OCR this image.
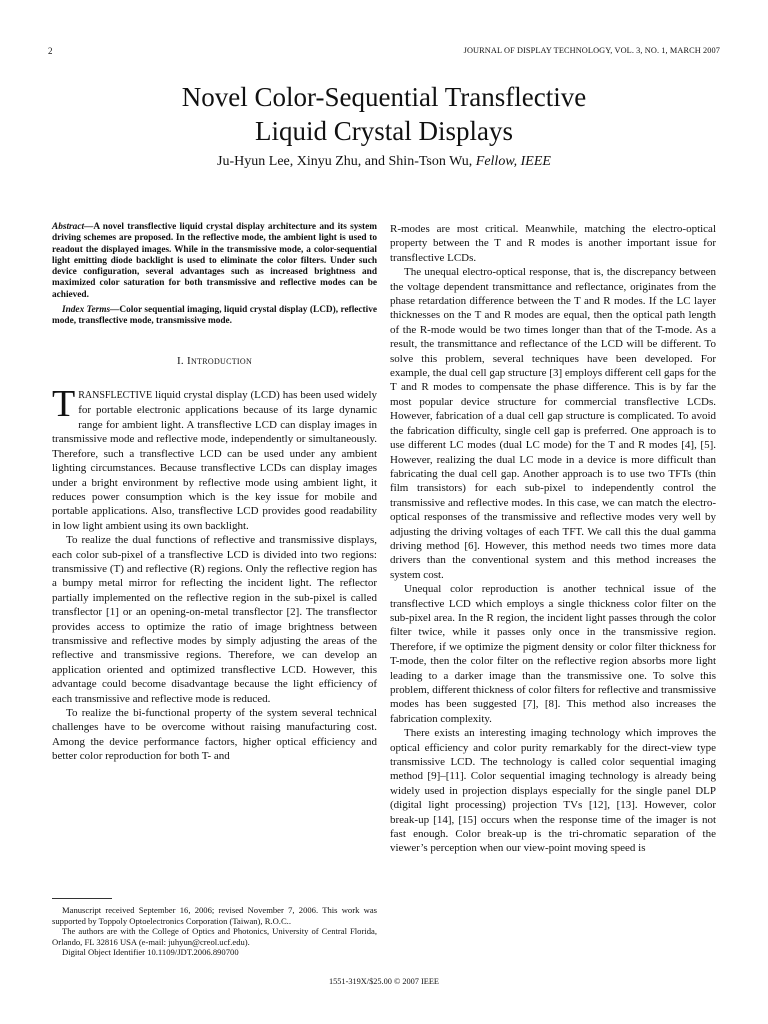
2	JOURNAL OF DISPLAY TECHNOLOGY, VOL. 3, NO. 1, MARCH 2007
Novel Color-Sequential Transflective
Liquid Crystal Displays
Ju-Hyun Lee, Xinyu Zhu, and Shin-Tson Wu, Fellow, IEEE

Abstract—A novel transflective liquid crystal display architecture and its system driving schemes are proposed. In the reflective mode, the ambient light is used to readout the displayed images. While in the transmissive mode, a color-sequential light emitting diode backlight is used to eliminate the color filters. Under such device configuration, several advantages such as increased brightness and maximized color saturation for both transmissive and reflective modes can be achieved.

Index Terms—Color sequential imaging, liquid crystal display (LCD), reflective mode, transflective mode, transmissive mode.

I. Introduction

TRANSFLECTIVE liquid crystal display (LCD) has been used widely for portable electronic applications because of its large dynamic range for ambient light. A transflective LCD can display images in transmissive mode and reflective mode, independently or simultaneously. Therefore, such a transflective LCD can be used under any ambient lighting circumstances. Because transflective LCDs can display images under a bright environment by reflective mode using ambient light, it reduces power consumption which is the key issue for mobile and portable applications. Also, transflective LCD provides good readability in low light ambient using its own backlight.

To realize the dual functions of reflective and transmissive displays, each color sub-pixel of a transflective LCD is divided into two regions: transmissive (T) and reflective (R) regions. Only the reflective region has a bumpy metal mirror for reflecting the incident light. The reflector partially implemented on the reflective region in the sub-pixel is called transflector [1] or an opening-on-metal transflector [2]. The transflector provides access to optimize the ratio of image brightness between transmissive and reflective modes by simply adjusting the areas of the reflective and transmissive regions. Therefore, we can develop an application oriented and optimized transflective LCD. However, this advantage could become disadvantage because the light efficiency of each transmissive and reflective mode is reduced.

To realize the bi-functional property of the system several technical challenges have to be overcome without raising manufacturing cost. Among the device performance factors, higher optical efficiency and better color reproduction for both T- and

R-modes are most critical. Meanwhile, matching the electro-optical property between the T and R modes is another important issue for transflective LCDs.

The unequal electro-optical response, that is, the discrepancy between the voltage dependent transmittance and reflectance, originates from the phase retardation difference between the T and R modes. If the LC layer thicknesses on the T and R modes are equal, then the optical path length of the R-mode would be two times longer than that of the T-mode. As a result, the transmittance and reflectance of the LCD will be different. To solve this problem, several techniques have been developed. For example, the dual cell gap structure [3] employs different cell gaps for the T and R modes to compensate the phase difference. This is by far the most popular device structure for commercial transflective LCDs. However, fabrication of a dual cell gap structure is complicated. To avoid the fabrication difficulty, single cell gap is preferred. One approach is to use different LC modes (dual LC mode) for the T and R modes [4], [5]. However, realizing the dual LC mode in a device is more difficult than fabricating the dual cell gap. Another approach is to use two TFTs (thin film transistors) for each sub-pixel to independently control the transmissive and reflective modes. In this case, we can match the electro-optical responses of the transmissive and reflective modes very well by adjusting the driving voltages of each TFT. We call this the dual gamma driving method [6]. However, this method needs two times more data drivers than the conventional system and this method increases the system cost.

Unequal color reproduction is another technical issue of the transflective LCD which employs a single thickness color filter on the sub-pixel area. In the R region, the incident light passes through the color filter twice, while it passes only once in the transmissive region. Therefore, if we optimize the pigment density or color filter thickness for T-mode, then the color filter on the reflective region absorbs more light leading to a darker image than the transmissive one. To solve this problem, different thickness of color filters for reflective and transmissive modes has been suggested [7], [8]. This method also increases the fabrication complexity.

There exists an interesting imaging technology which improves the optical efficiency and color purity remarkably for the direct-view type transmissive LCD. The technology is called color sequential imaging method [9]–[11]. Color sequential imaging technology is already being widely used in projection displays especially for the single panel DLP (digital light processing) projection TVs [12], [13]. However, color break-up [14], [15] occurs when the response time of the imager is not fast enough. Color break-up is the tri-chromatic separation of the viewer’s perception when our view-point moving speed is

Manuscript received September 16, 2006; revised November 7, 2006. This work was supported by Toppoly Optoelectronics Corporation (Taiwan), R.O.C..

The authors are with the College of Optics and Photonics, University of Central Florida, Orlando, FL 32816 USA (e-mail: juhyun@creol.ucf.edu).

Digital Object Identifier 10.1109/JDT.2006.890700

1551-319X/$25.00 © 2007 IEEE
